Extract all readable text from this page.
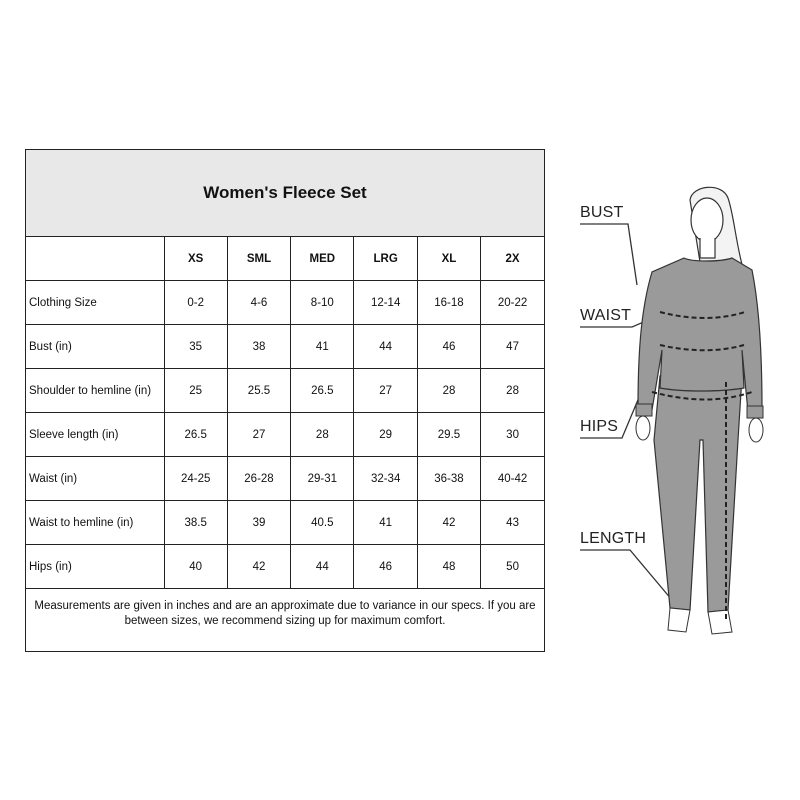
Women's Fleece Set
	XS	SML	MED	LRG	XL	2X
Clothing Size	0-2	4-6	8-10	12-14	16-18	20-22
Bust (in)	35	38	41	44	46	47
Shoulder to hemline (in)	25	25.5	26.5	27	28	28
Sleeve length (in)	26.5	27	28	29	29.5	30
Waist (in)	24-25	26-28	29-31	32-34	36-38	40-42
Waist to hemline (in)	38.5	39	40.5	41	42	43
Hips (in)	40	42	44	46	48	50
Measurements are given in inches and are an approximate due to variance in our specs. If you are between sizes, we recommend sizing up for maximum comfort.
BUST
WAIST
HIPS
LENGTH
